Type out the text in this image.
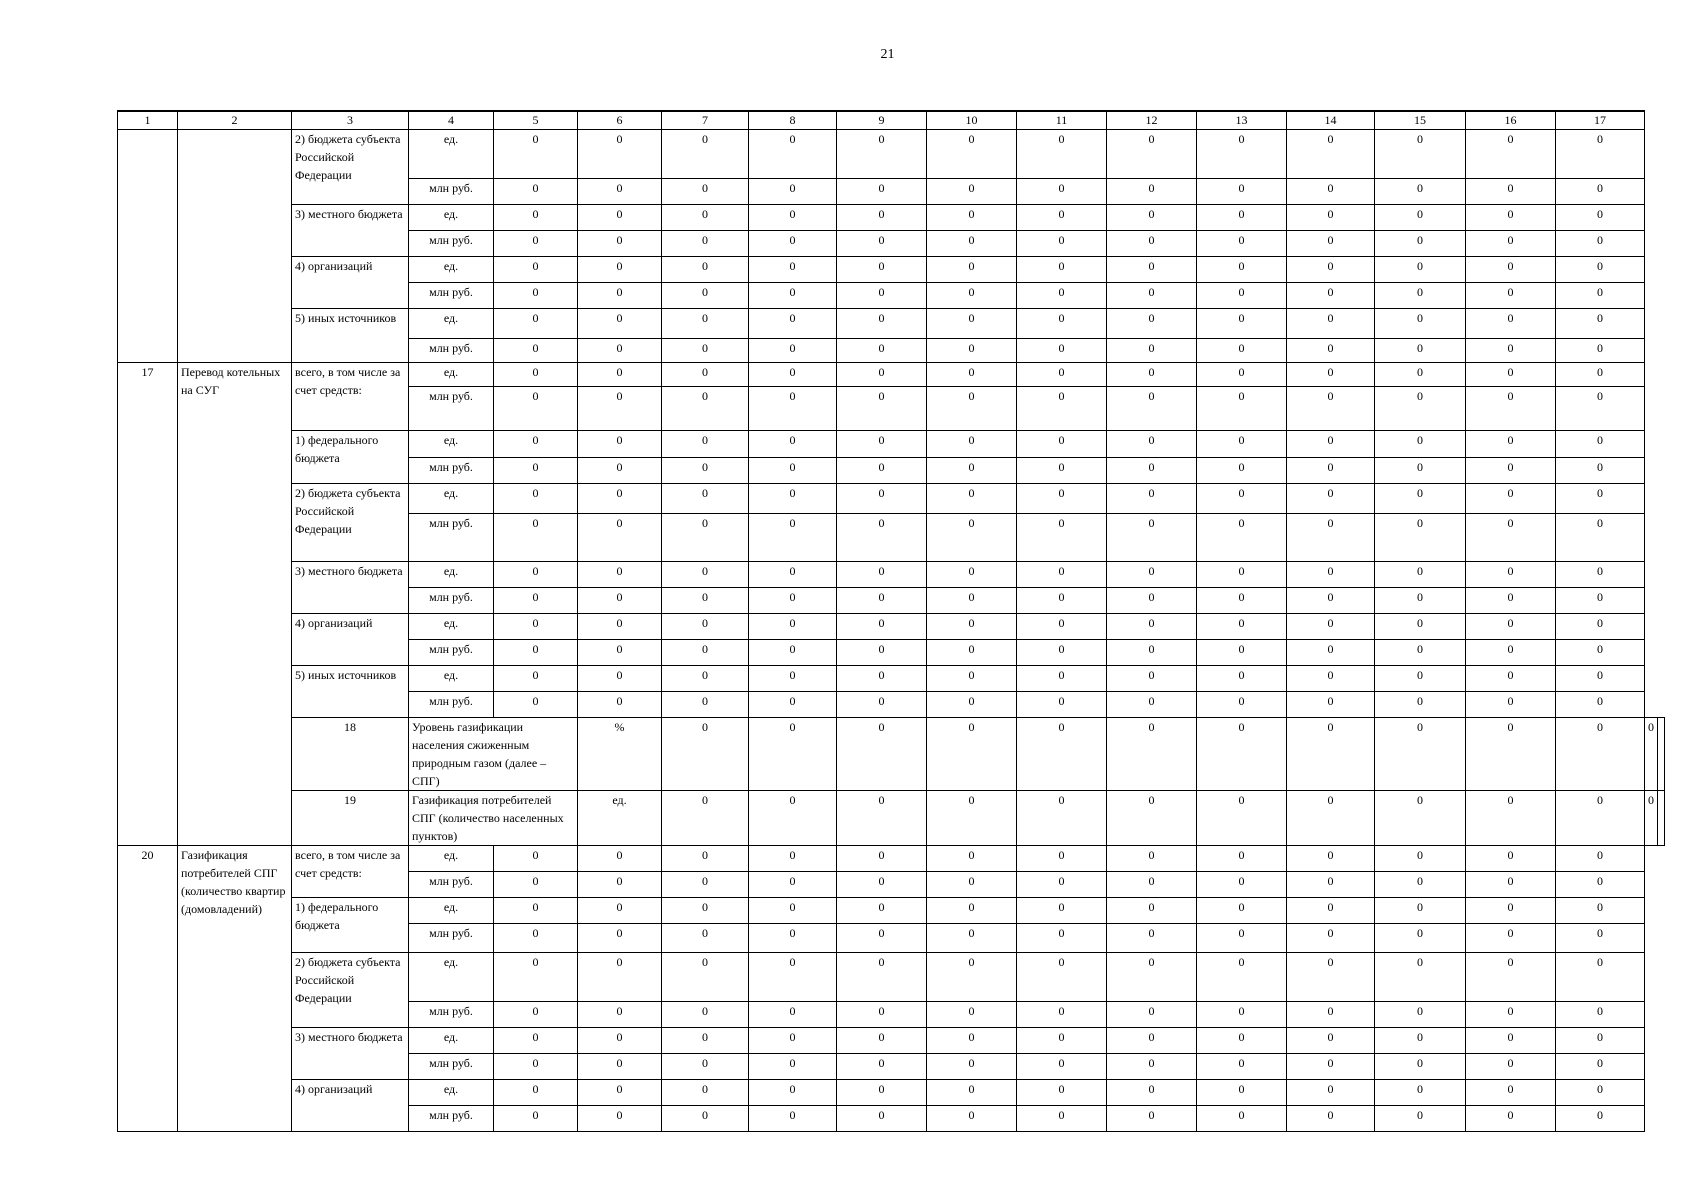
21
1	2	3	4	5	6	7	8	9	10	11	12	13	14	15	16	17		
		2) бюджета субъекта Российской Федерации	ед.	0	0	0	0	0	0	0	0	0	0	0	0	0		
			млн руб.	0	0	0	0	0	0	0	0	0	0	0	0	0		
		3) местного бюджета	ед.	0	0	0	0	0	0	0	0	0	0	0	0	0		
			млн руб.	0	0	0	0	0	0	0	0	0	0	0	0	0		
		4) организаций	ед.	0	0	0	0	0	0	0	0	0	0	0	0	0		
			млн руб.	0	0	0	0	0	0	0	0	0	0	0	0	0		
		5) иных источников	ед.	0	0	0	0	0	0	0	0	0	0	0	0	0		
			млн руб.	0	0	0	0	0	0	0	0	0	0	0	0	0		
17	Перевод котельных на СУГ	всего, в том числе за счет средств:	ед.	0	0	0	0	0	0	0	0	0	0	0	0	0		
			млн руб.	0	0	0	0	0	0	0	0	0	0	0	0	0		
		1) федерального бюджета	ед.	0	0	0	0	0	0	0	0	0	0	0	0	0		
			млн руб.	0	0	0	0	0	0	0	0	0	0	0	0	0		
		2) бюджета субъекта Российской Федерации	ед.	0	0	0	0	0	0	0	0	0	0	0	0	0		
			млн руб.	0	0	0	0	0	0	0	0	0	0	0	0	0		
		3) местного бюджета	ед.	0	0	0	0	0	0	0	0	0	0	0	0	0		
			млн руб.	0	0	0	0	0	0	0	0	0	0	0	0	0		
		4) организаций	ед.	0	0	0	0	0	0	0	0	0	0	0	0	0		
			млн руб.	0	0	0	0	0	0	0	0	0	0	0	0	0		
		5) иных источников	ед.	0	0	0	0	0	0	0	0	0	0	0	0	0		
			млн руб.	0	0	0	0	0	0	0	0	0	0	0	0	0		
		18	Уровень газификации населения сжиженным природным газом (далее – СПГ)		%	0	0	0	0	0	0	0	0	0	0	0	0	
		19	Газификация потребителей СПГ (количество населенных пунктов)		ед.	0	0	0	0	0	0	0	0	0	0	0	0	
20	Газификация потребителей СПГ (количество квартир (домовладений)	всего, в том числе за счет средств:	ед.	0	0	0	0	0	0	0	0	0	0	0	0	0		
			млн руб.	0	0	0	0	0	0	0	0	0	0	0	0	0		
		1) федерального бюджета	ед.	0	0	0	0	0	0	0	0	0	0	0	0	0		
			млн руб.	0	0	0	0	0	0	0	0	0	0	0	0	0		
		2) бюджета субъекта Российской Федерации	ед.	0	0	0	0	0	0	0	0	0	0	0	0	0		
			млн руб.	0	0	0	0	0	0	0	0	0	0	0	0	0		
		3) местного бюджета	ед.	0	0	0	0	0	0	0	0	0	0	0	0	0		
			млн руб.	0	0	0	0	0	0	0	0	0	0	0	0	0		
		4) организаций	ед.	0	0	0	0	0	0	0	0	0	0	0	0	0		
			млн руб.	0	0	0	0	0	0	0	0	0	0	0	0	0		
